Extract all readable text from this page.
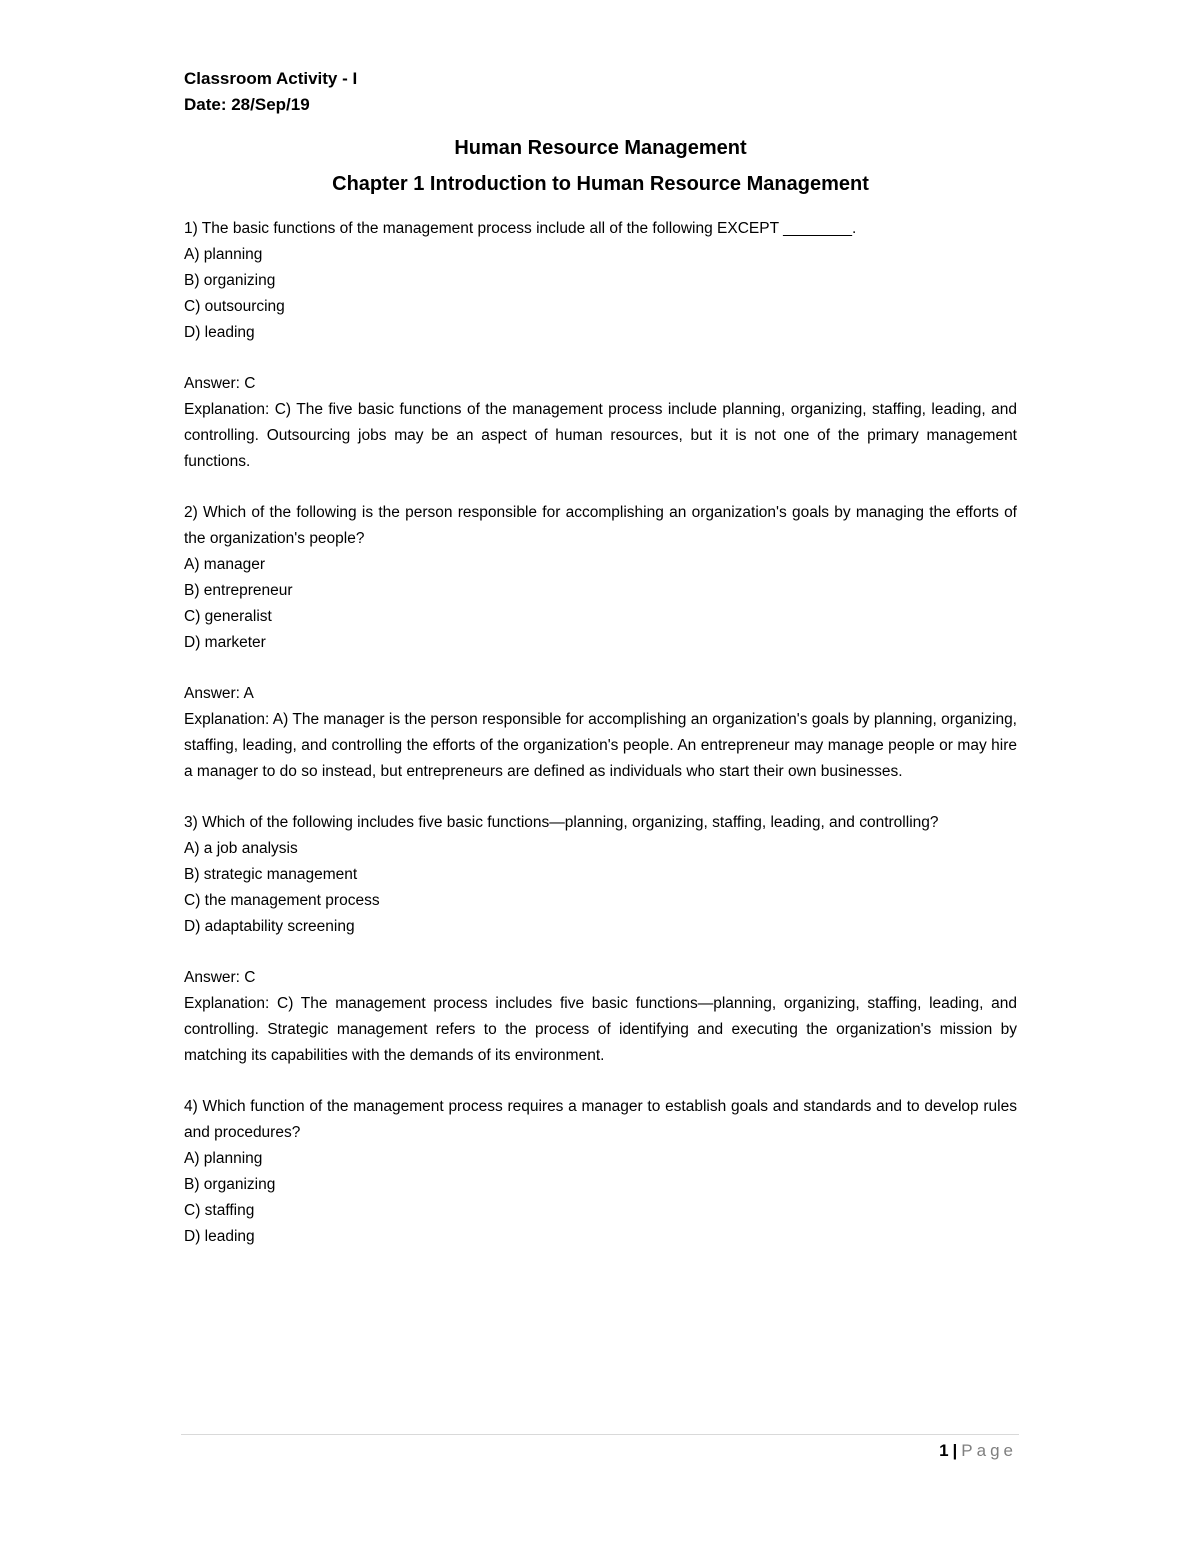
Classroom Activity - I

Date: 28/Sep/19

Human Resource Management

Chapter 1 Introduction to Human Resource Management

1) The basic functions of the management process include all of the following EXCEPT ________.

A) planning

B) organizing

C) outsourcing

D) leading

Answer: C

Explanation: C) The five basic functions of the management process include planning, organizing, staffing, leading, and controlling. Outsourcing jobs may be an aspect of human resources, but it is not one of the primary management functions.

2) Which of the following is the person responsible for accomplishing an organization's goals by managing the efforts of the organization's people?

A) manager

B) entrepreneur

C) generalist

D) marketer

Answer: A

Explanation: A) The manager is the person responsible for accomplishing an organization's goals by planning, organizing, staffing, leading, and controlling the efforts of the organization's people. An entrepreneur may manage people or may hire a manager to do so instead, but entrepreneurs are defined as individuals who start their own businesses.

3) Which of the following includes five basic functions—planning, organizing, staffing, leading, and controlling?

A) a job analysis

B) strategic management

C) the management process

D) adaptability screening

Answer: C

Explanation: C) The management process includes five basic functions—planning, organizing, staffing, leading, and controlling. Strategic management refers to the process of identifying and executing the organization's mission by matching its capabilities with the demands of its environment.

4) Which function of the management process requires a manager to establish goals and standards and to develop rules and procedures?

A) planning

B) organizing

C) staffing

D) leading

1 | Page
